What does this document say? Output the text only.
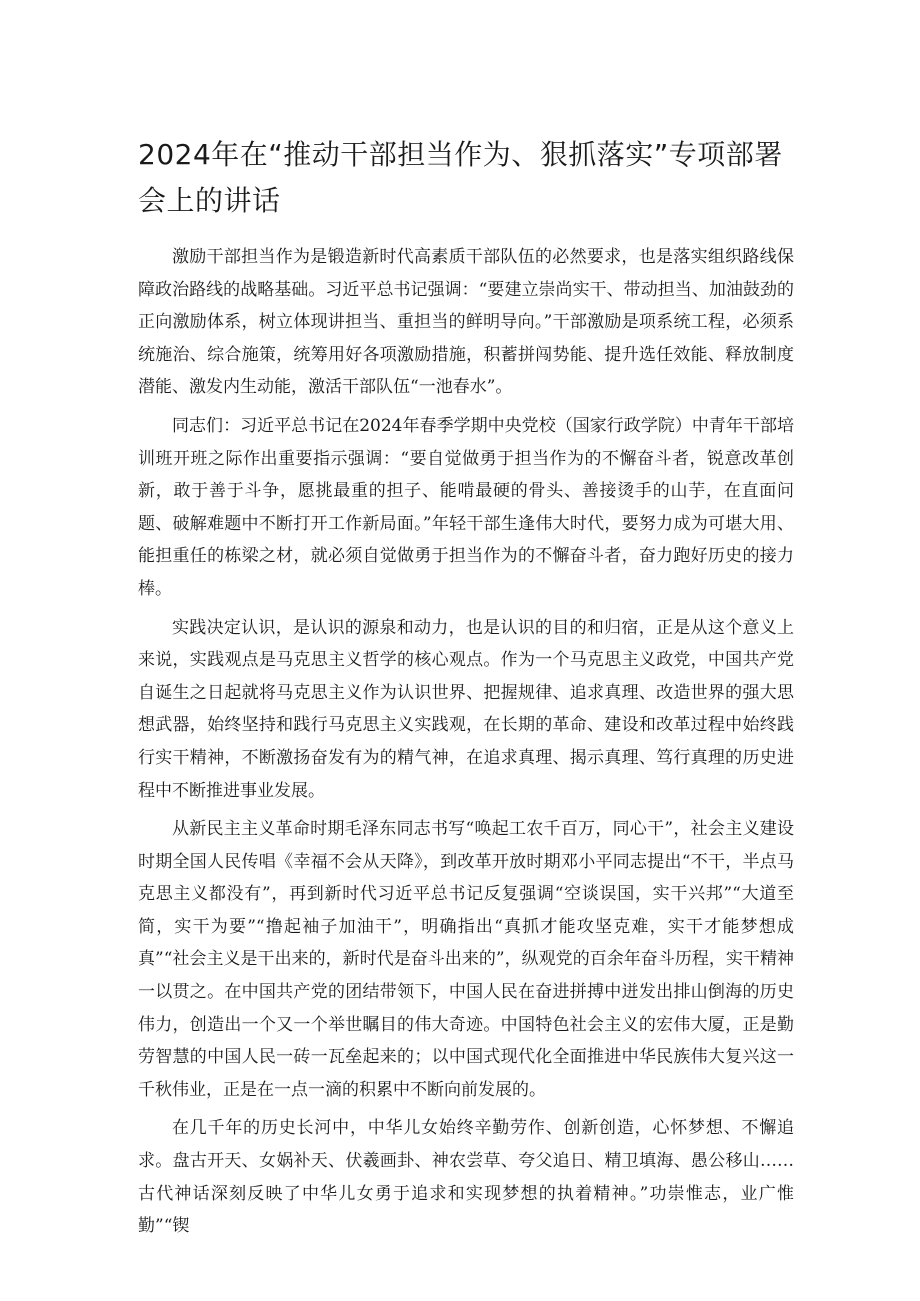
2024年在“推动干部担当作为、狠抓落实”专项部署会上的讲话

激励干部担当作为是锻造新时代高素质干部队伍的必然要求，也是落实组织路线保障政治路线的战略基础。习近平总书记强调：“要建立崇尚实干、带动担当、加油鼓劲的正向激励体系，树立体现讲担当、重担当的鲜明导向。”干部激励是项系统工程，必须系统施治、综合施策，统筹用好各项激励措施，积蓄拼闯势能、提升选任效能、释放制度潜能、激发内生动能，激活干部队伍“一池春水”。

同志们：习近平总书记在2024年春季学期中央党校（国家行政学院）中青年干部培训班开班之际作出重要指示强调：“要自觉做勇于担当作为的不懈奋斗者，锐意改革创新，敢于善于斗争，愿挑最重的担子、能啃最硬的骨头、善接烫手的山芋，在直面问题、破解难题中不断打开工作新局面。”年轻干部生逢伟大时代，要努力成为可堪大用、能担重任的栋梁之材，就必须自觉做勇于担当作为的不懈奋斗者，奋力跑好历史的接力棒。

实践决定认识，是认识的源泉和动力，也是认识的目的和归宿，正是从这个意义上来说，实践观点是马克思主义哲学的核心观点。作为一个马克思主义政党，中国共产党自诞生之日起就将马克思主义作为认识世界、把握规律、追求真理、改造世界的强大思想武器，始终坚持和践行马克思主义实践观，在长期的革命、建设和改革过程中始终践行实干精神，不断激扬奋发有为的精气神，在追求真理、揭示真理、笃行真理的历史进程中不断推进事业发展。

从新民主主义革命时期毛泽东同志书写“唤起工农千百万，同心干”，社会主义建设时期全国人民传唱《幸福不会从天降》，到改革开放时期邓小平同志提出“不干，半点马克思主义都没有”，再到新时代习近平总书记反复强调“空谈误国，实干兴邦”“大道至简，实干为要”“撸起袖子加油干”，明确指出“真抓才能攻坚克难，实干才能梦想成真”“社会主义是干出来的，新时代是奋斗出来的”，纵观党的百余年奋斗历程，实干精神一以贯之。在中国共产党的团结带领下，中国人民在奋进拼搏中迸发出排山倒海的历史伟力，创造出一个又一个举世瞩目的伟大奇迹。中国特色社会主义的宏伟大厦，正是勤劳智慧的中国人民一砖一瓦垒起来的；以中国式现代化全面推进中华民族伟大复兴这一千秋伟业，正是在一点一滴的积累中不断向前发展的。

在几千年的历史长河中，中华儿女始终辛勤劳作、创新创造，心怀梦想、不懈追求。盘古开天、女娲补天、伏羲画卦、神农尝草、夸父追日、精卫填海、愚公移山……古代神话深刻反映了中华儿女勇于追求和实现梦想的执着精神。”功崇惟志，业广惟勤”“锲
